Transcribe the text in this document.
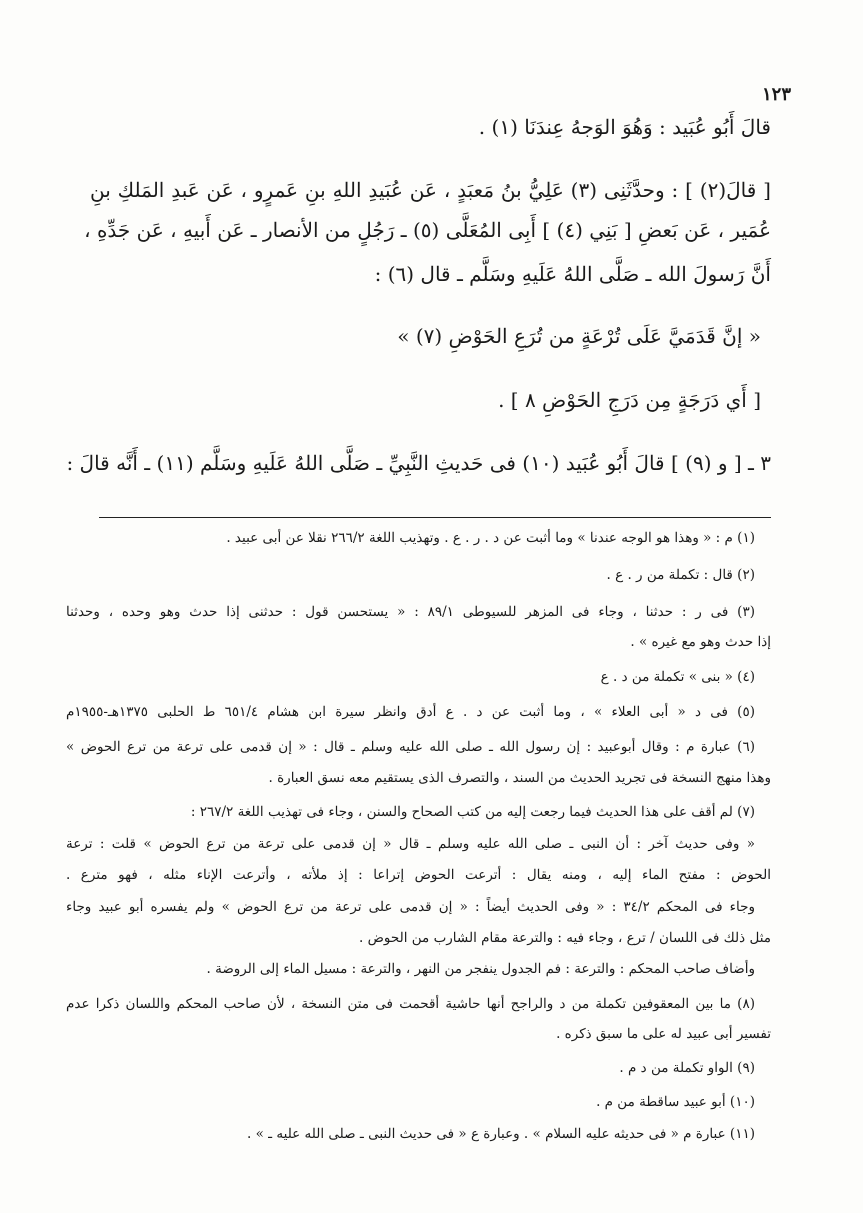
١٢٣
قالَ أَبُو عُبَيد : وَهُوَ الوَجهُ عِندَنَا (١) .
[ قالَ(٢) ] : وحدَّثَنِى (٣) عَلِيُّ بنُ مَعبَدٍ ، عَن عُبَيدِ اللهِ بنِ عَمرٍو ، عَن عَبدِ المَلكِ بنِ
عُمَير ، عَن بَعضِ [ بَنِي (٤) ] أَبِى المُعَلَّى (٥) ـ رَجُلٍ من الأنصار ـ عَن أَبيهِ ، عَن جَدِّهِ ،
أَنَّ رَسولَ الله ـ صَلَّى اللهُ عَلَيهِ وسَلَّم ـ قال (٦) :
« إنَّ قَدَمَيَّ عَلَى تُرْعَةٍ من تُرَعِ الحَوْضِ (٧) »
[ أَي دَرَجَةٍ مِن دَرَجِ الحَوْضِ ٨ ] .
٣ ـ [ و (٩) ] قالَ أَبُو عُبَيد (١٠) فى حَديثِ النَّبِيِّ ـ صَلَّى اللهُ عَلَيهِ وسَلَّم (١١) ـ أَنَّه قالَ :
(١) م : « وهذا هو الوجه عندنا » وما أثبت عن د . ر . ع . وتهذيب اللغة ٢٦٦/٢ نقلا عن أبى عبيد .
(٢) قال : تكملة من ر . ع .
(٣) فى ر : حدثنا ، وجاء فى المزهر للسيوطى ٨٩/١ : « يستحسن قول : حدثنى إذا حدث وهو وحده ، وحدثنا
إذا حدث وهو مع غيره » .
(٤) « بنى » تكملة من د . ع
(٥) فى د « أبى العلاء » ، وما أثبت عن د . ع أدق وانظر سيرة ابن هشام ٦٥١/٤ ط الحلبى ١٣٧٥هـ-١٩٥٥م
(٦) عبارة م : وقال أبوعبيد : إن رسول الله ـ صلى الله عليه وسلم ـ قال : « إن قدمى على ترعة من ترع الحوض »
وهذا منهج النسخة فى تجريد الحديث من السند ، والتصرف الذى يستقيم معه نسق العبارة .
(٧) لم أقف على هذا الحديث فيما رجعت إليه من كتب الصحاح والسنن ، وجاء فى تهذيب اللغة ٢٦٧/٢ :
« وفى حديث آخر : أن النبى ـ صلى الله عليه وسلم ـ قال « إن قدمى على ترعة من ترع الحوض » قلت : ترعة
الحوض : مفتح الماء إليه ، ومنه يقال : أترعت الحوض إتراعا : إذ ملأته ، وأترعت الإناء مثله ، فهو مترع .
وجاء فى المحكم ٣٤/٢ : « وفى الحديث أيضاً : « إن قدمى على ترعة من ترع الحوض » ولم يفسره أبو عبيد وجاء
مثل ذلك فى اللسان / ترع ، وجاء فيه : والترعة مقام الشارب من الحوض .
وأضاف صاحب المحكم : والترعة : فم الجدول ينفجر من النهر ، والترعة : مسيل الماء إلى الروضة .
(٨) ما بين المعقوفين تكملة من د والراجح أنها حاشية أقحمت فى متن النسخة ، لأن صاحب المحكم واللسان ذكرا عدم
تفسير أبى عبيد له على ما سبق ذكره .
(٩) الواو تكملة من د م .
(١٠) أبو عبيد ساقطة من م .
(١١) عبارة م « فى حديثه عليه السلام » . وعبارة ع « فى حديث النبى ـ صلى الله عليه ـ » .
